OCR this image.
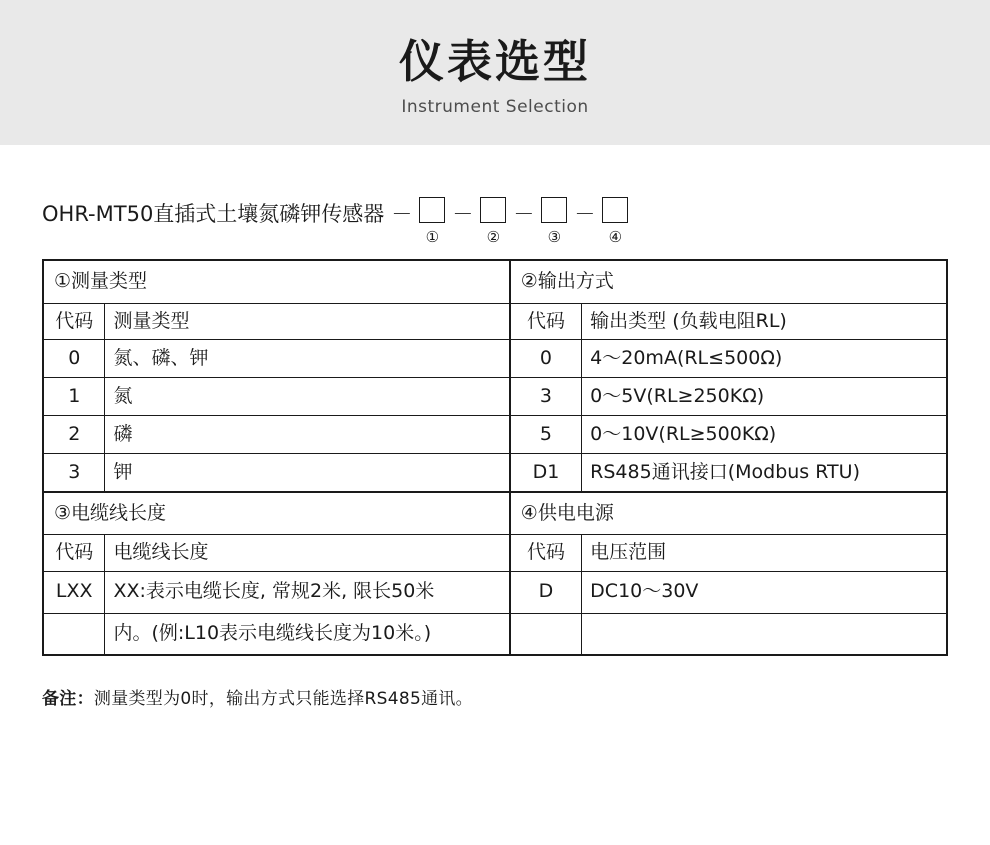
仪表选型
Instrument Selection
OHR-MT50直插式土壤氮磷钾传感器 －
①
－
②
－
③
－
④
①测量类型		②输出方式	
代码	测量类型	代码	输出类型 (负载电阻RL)
0	氮、磷、钾	0	4～20mA(RL≤500Ω)
1	氮	3	0～5V(RL≥250KΩ)
2	磷	5	0～10V(RL≥500KΩ)
3	钾	D1	RS485通讯接口(Modbus RTU)
③电缆线长度		④供电电源	
代码	电缆线长度	代码	电压范围
LXX	XX:表示电缆长度, 常规2米, 限长50米	D	DC10～30V
	内。(例:L10表示电缆线长度为10米。)		
备注：测量类型为0时，输出方式只能选择RS485通讯。
